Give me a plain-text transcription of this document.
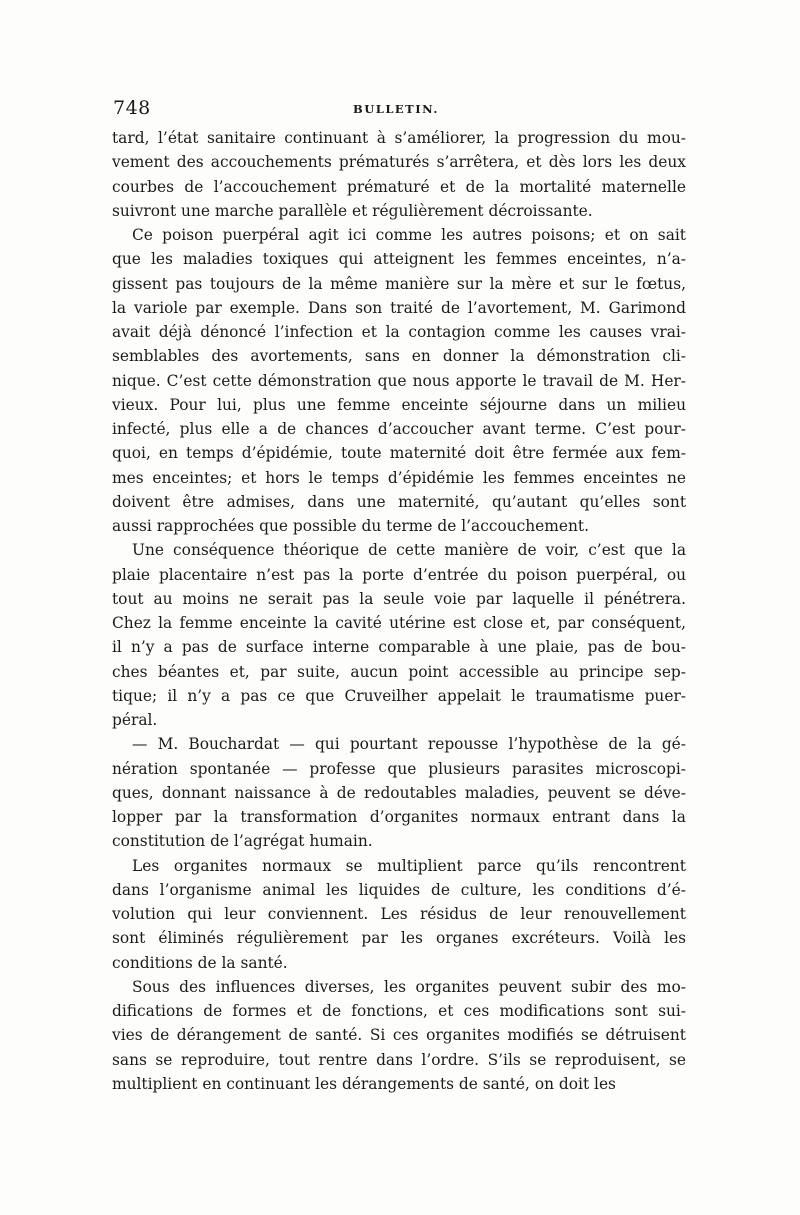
748	BULLETIN.
tard, l’état sanitaire continuant à s’améliorer, la progression du mou-
vement des accouchements prématurés s’arrêtera, et dès lors les deux
courbes de l’accouchement prématuré et de la mortalité maternelle
suivront une marche parallèle et régulièrement décroissante.
Ce poison puerpéral agit ici comme les autres poisons; et on sait
que les maladies toxiques qui atteignent les femmes enceintes, n’a-
gissent pas toujours de la même manière sur la mère et sur le fœtus,
la variole par exemple. Dans son traité de l’avortement, M. Garimond
avait déjà dénoncé l’infection et la contagion comme les causes vrai-
semblables des avortements, sans en donner la démonstration cli-
nique. C’est cette démonstration que nous apporte le travail de M. Her-
vieux. Pour lui, plus une femme enceinte séjourne dans un milieu
infecté, plus elle a de chances d’accoucher avant terme. C’est pour-
quoi, en temps d’épidémie, toute maternité doit être fermée aux fem-
mes enceintes; et hors le temps d’épidémie les femmes enceintes ne
doivent être admises, dans une maternité, qu’autant qu’elles sont
aussi rapprochées que possible du terme de l’accouchement.
Une conséquence théorique de cette manière de voir, c’est que la
plaie placentaire n’est pas la porte d’entrée du poison puerpéral, ou
tout au moins ne serait pas la seule voie par laquelle il pénétrera.
Chez la femme enceinte la cavité utérine est close et, par conséquent,
il n’y a pas de surface interne comparable à une plaie, pas de bou-
ches béantes et, par suite, aucun point accessible au principe sep-
tique; il n’y a pas ce que Cruveilher appelait le traumatisme puer-
péral.
— M. Bouchardat — qui pourtant repousse l’hypothèse de la gé-
nération spontanée — professe que plusieurs parasites microscopi-
ques, donnant naissance à de redoutables maladies, peuvent se déve-
lopper par la transformation d’organites normaux entrant dans la
constitution de l’agrégat humain.
Les organites normaux se multiplient parce qu’ils rencontrent
dans l’organisme animal les liquides de culture, les conditions d’é-
volution qui leur conviennent. Les résidus de leur renouvellement
sont éliminés régulièrement par les organes excréteurs. Voilà les
conditions de la santé.
Sous des influences diverses, les organites peuvent subir des mo-
difications de formes et de fonctions, et ces modifications sont sui-
vies de dérangement de santé. Si ces organites modifiés se détruisent
sans se reproduire, tout rentre dans l’ordre. S’ils se reproduisent, se
multiplient en continuant les dérangements de santé, on doit les
